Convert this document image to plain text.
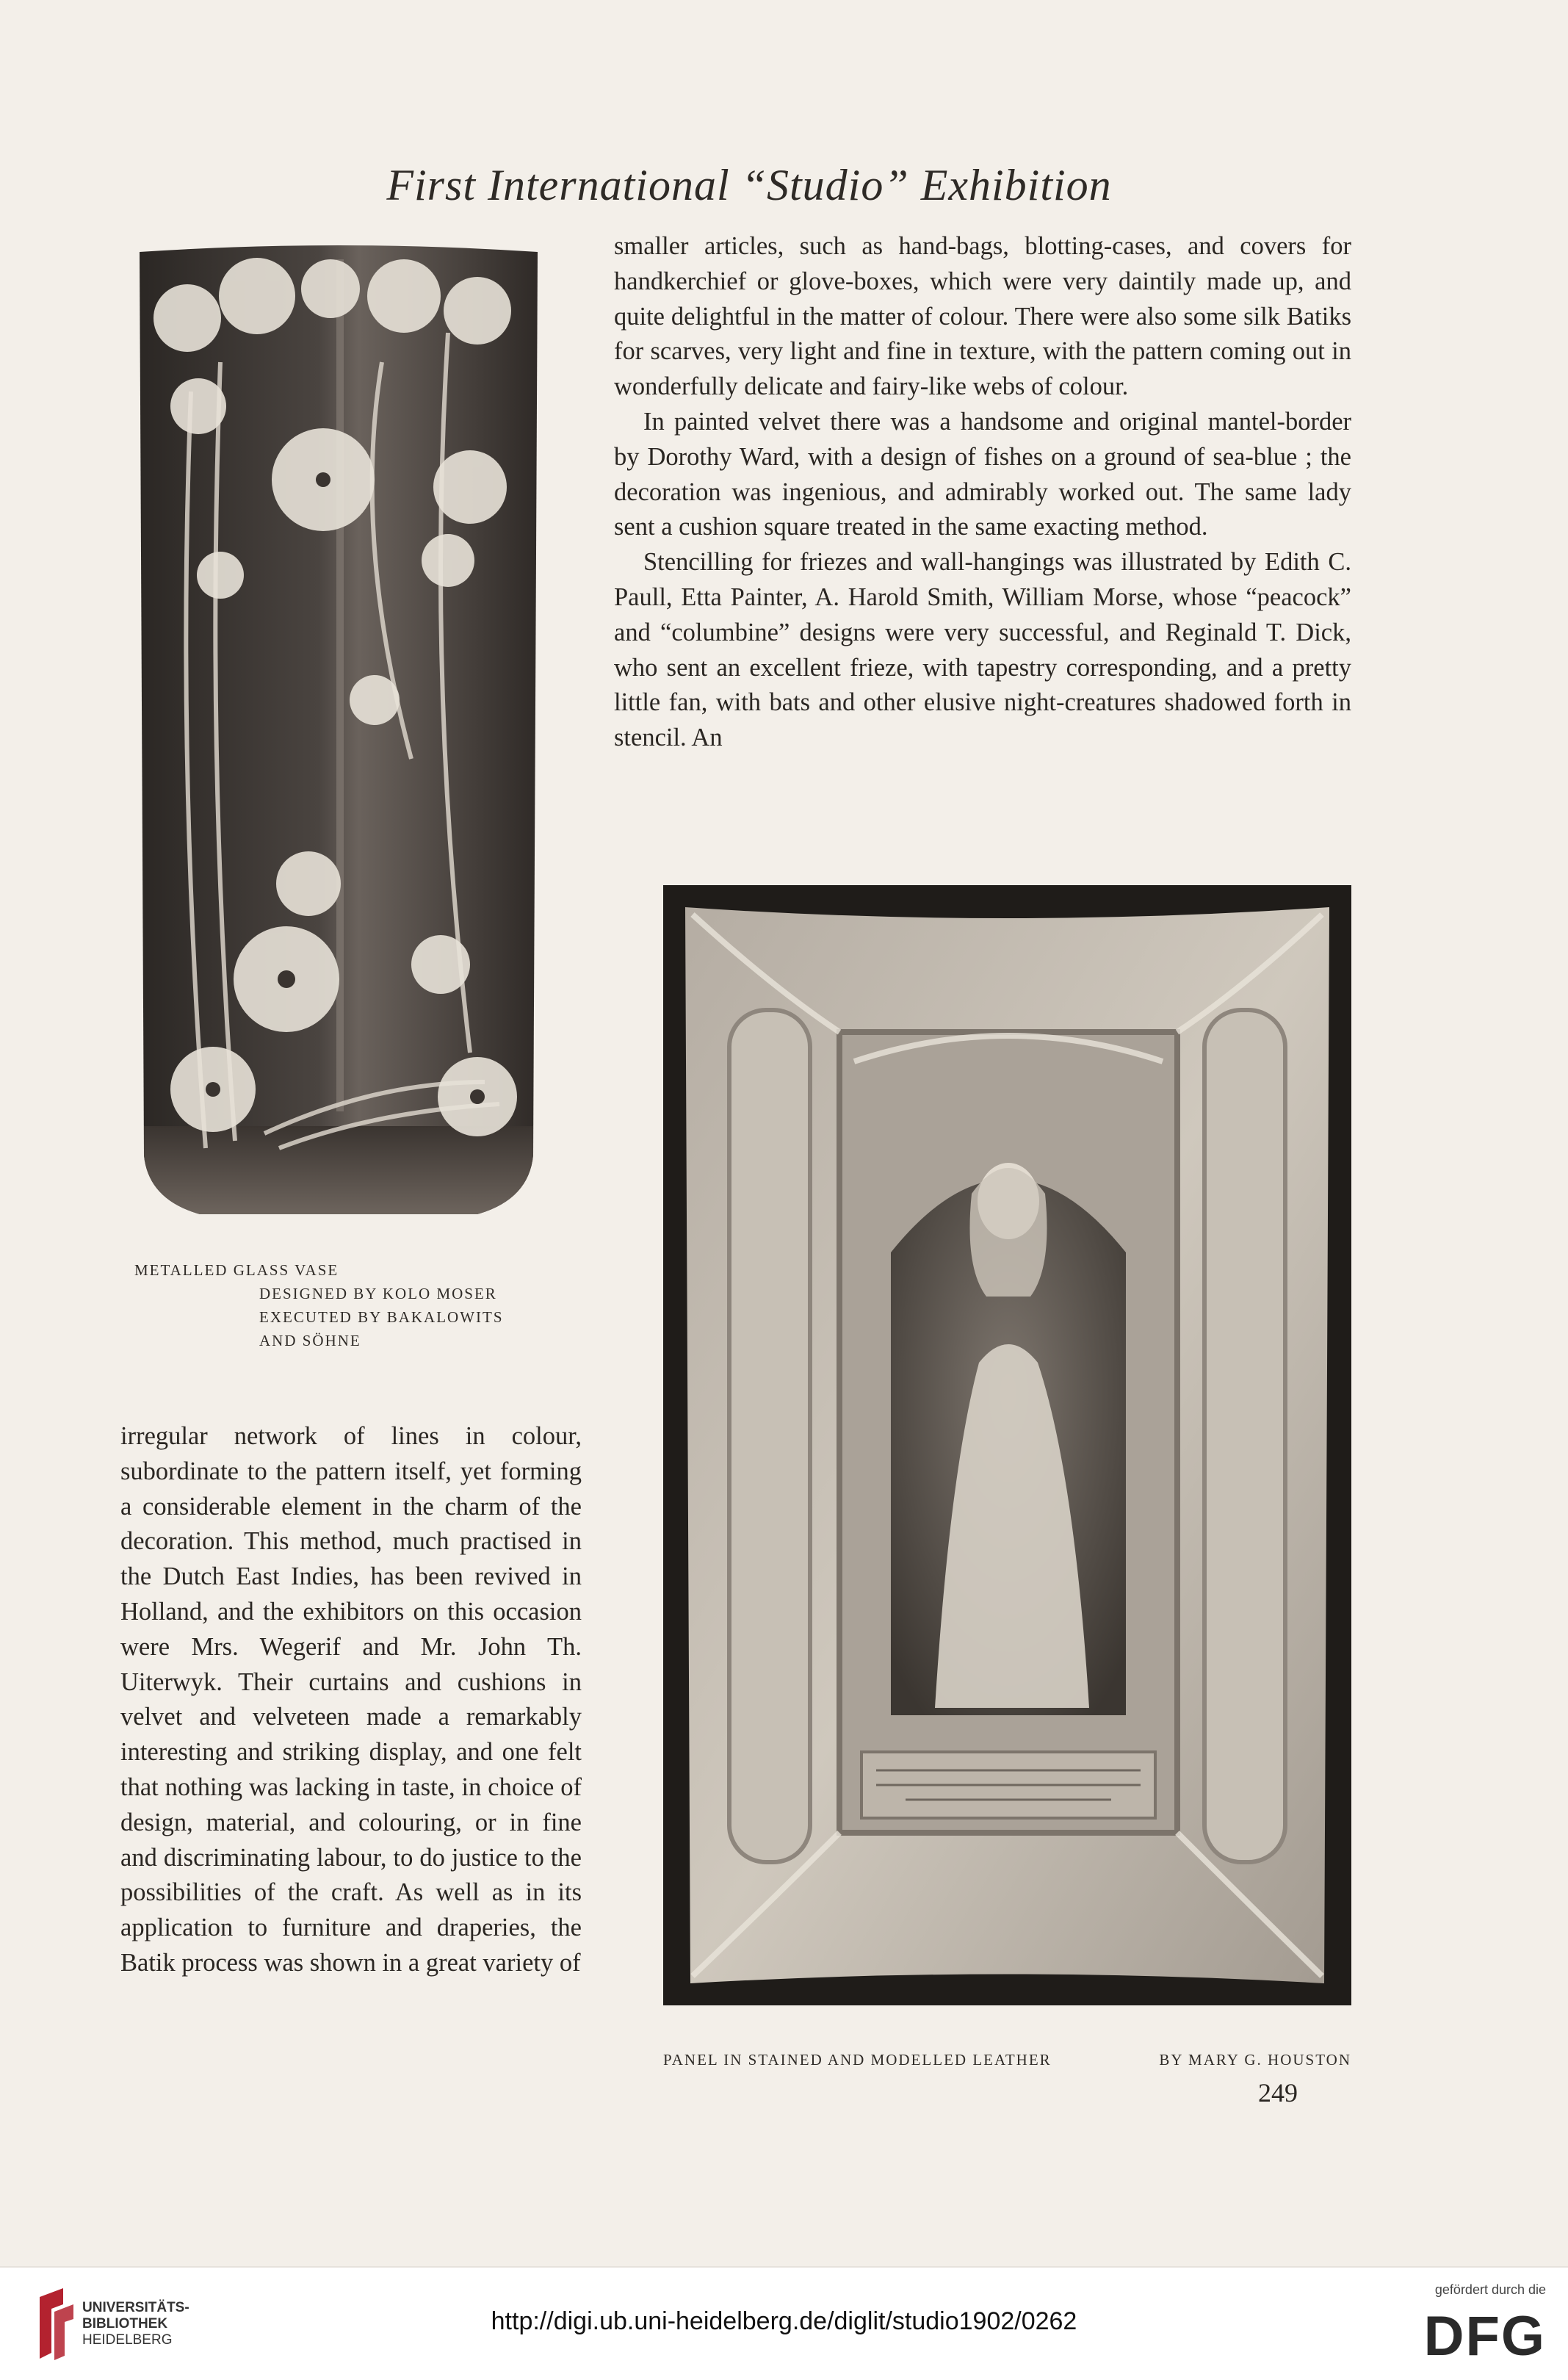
First International “Studio” Exhibition
METALLED GLASS VASE
DESIGNED BY KOLO MOSER
EXECUTED BY BAKALOWITS
AND SÖHNE

smaller articles, such as hand-bags, blotting-cases, and covers for handkerchief or glove-boxes, which were very daintily made up, and quite delightful in the matter of colour. There were also some silk Batiks for scarves, very light and fine in texture, with the pattern coming out in wonderfully delicate and fairy-like webs of colour.

In painted velvet there was a handsome and original mantel-border by Dorothy Ward, with a design of fishes on a ground of sea-blue ; the decoration was ingenious, and admirably worked out. The same lady sent a cushion square treated in the same exacting method.

Stencilling for friezes and wall-hangings was illustrated by Edith C. Paull, Etta Painter, A. Harold Smith, William Morse, whose “peacock” and “columbine” designs were very successful, and Reginald T. Dick, who sent an excellent frieze, with tapestry corresponding, and a pretty little fan, with bats and other elusive night-creatures shadowed forth in stencil. An

PANEL IN STAINED AND MODELLED LEATHER	BY MARY G. HOUSTON

irregular network of lines in colour, subordinate to the pattern itself, yet forming a considerable element in the charm of the decoration. This method, much practised in the Dutch East Indies, has been revived in Holland, and the exhibitors on this occasion were Mrs. Wegerif and Mr. John Th. Uiterwyk. Their curtains and cushions in velvet and velveteen made a remarkably interesting and striking display, and one felt that nothing was lacking in taste, in choice of design, material, and colouring, or in fine and discriminating labour, to do justice to the possibilities of the craft. As well as in its application to furniture and draperies, the Batik process was shown in a great variety of

249
UNIVERSITÄTS-
BIBLIOTHEK
HEIDELBERG
http://digi.ub.uni-heidelberg.de/diglit/studio1902/0262
gefördert durch die
DFG
